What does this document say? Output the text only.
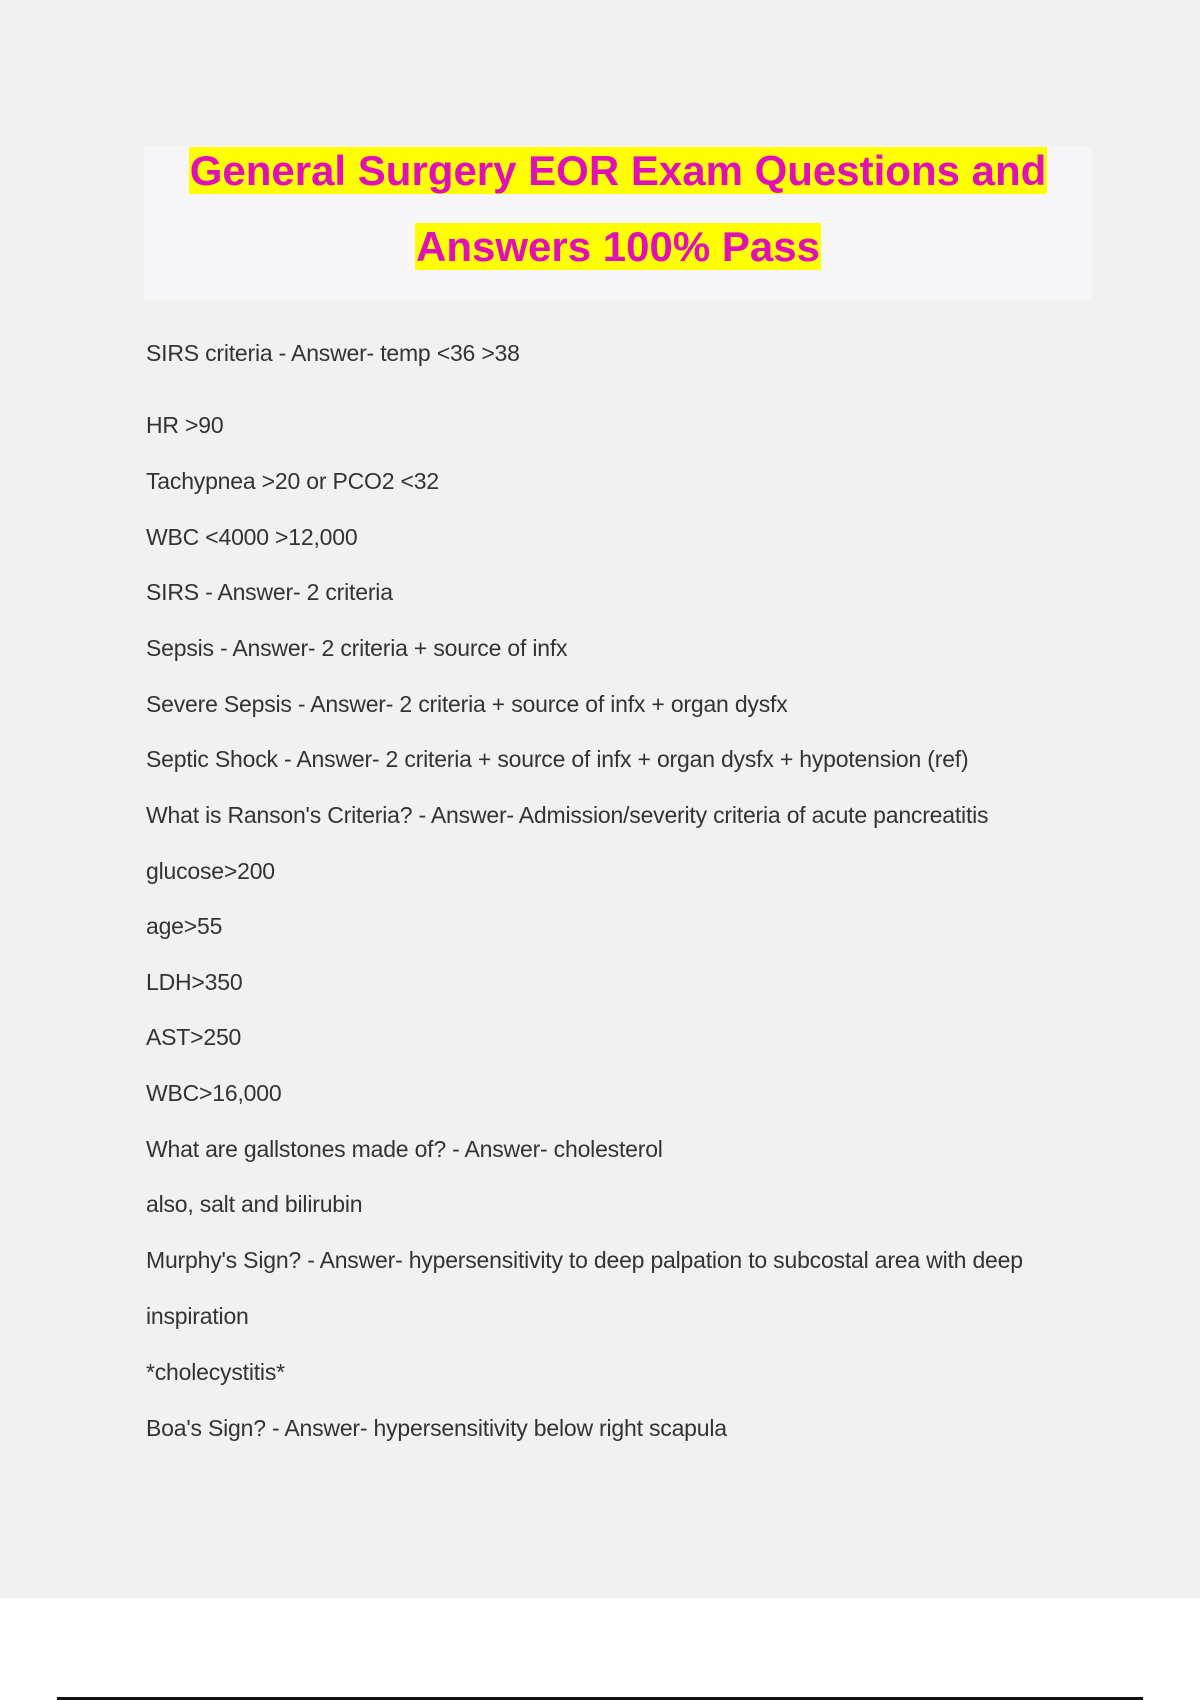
General Surgery EOR Exam Questions and
Answers 100% Pass
SIRS criteria - Answer- temp <36 >38
HR >90
Tachypnea >20 or PCO2 <32
WBC <4000 >12,000
SIRS - Answer- 2 criteria
Sepsis - Answer- 2 criteria + source of infx
Severe Sepsis - Answer- 2 criteria + source of infx + organ dysfx
Septic Shock - Answer- 2 criteria + source of infx + organ dysfx + hypotension (ref)
What is Ranson's Criteria? - Answer- Admission/severity criteria of acute pancreatitis
glucose>200
age>55
LDH>350
AST>250
WBC>16,000
What are gallstones made of? - Answer- cholesterol
also, salt and bilirubin
Murphy's Sign? - Answer- hypersensitivity to deep palpation to subcostal area with deep
inspiration
*cholecystitis*
Boa's Sign? - Answer- hypersensitivity below right scapula
